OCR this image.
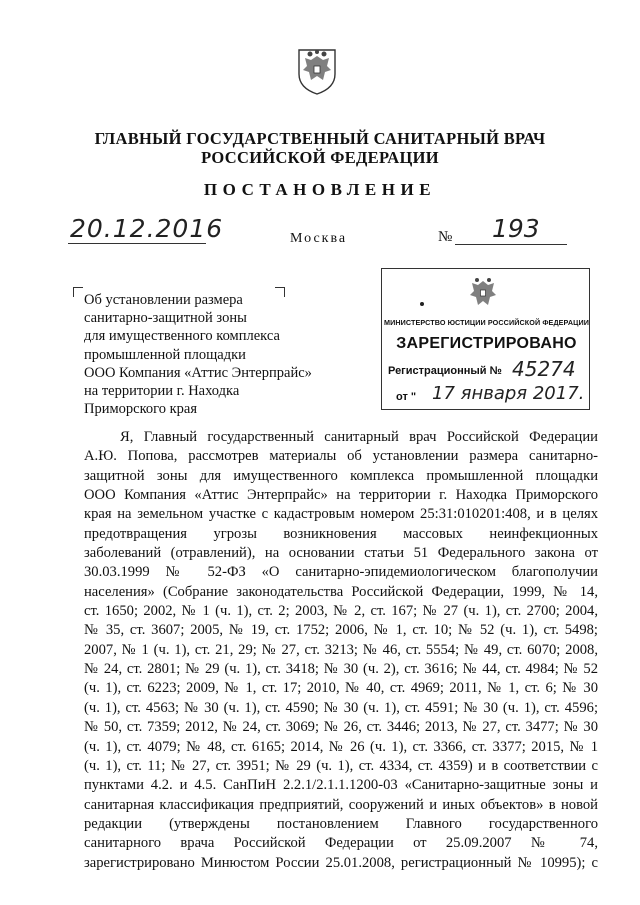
ГЛАВНЫЙ ГОСУДАРСТВЕННЫЙ САНИТАРНЫЙ ВРАЧ
РОССИЙСКОЙ ФЕДЕРАЦИИ
ПОСТАНОВЛЕНИЕ
20.12.2016	Москва	№ 193
Об установлении размера
санитарно-защитной зоны
для имущественного комплекса
промышленной площадки
ООО Компания «Аттис Энтерпрайс»
на территории г. Находка
Приморского края
МИНИСТЕРСТВО ЮСТИЦИИ РОССИЙСКОЙ ФЕДЕРАЦИИ
ЗАРЕГИСТРИРОВАНО
Регистрационный № 45274
от " 17 января 2017.
Я, Главный государственный санитарный врач Российской Федерации
А.Ю. Попова, рассмотрев материалы об установлении размера санитарно-
защитной зоны для имущественного комплекса промышленной площадки
ООО Компания «Аттис Энтерпрайс» на территории г. Находка Приморского
края на земельном участке с кадастровым номером 25:31:010201:408, и в целях
предотвращения угрозы возникновения массовых неинфекционных
заболеваний (отравлений), на основании статьи 51 Федерального закона от
30.03.1999 № 52-ФЗ «О санитарно-эпидемиологическом благополучии
населения» (Собрание законодательства Российской Федерации, 1999, № 14,
ст. 1650; 2002, № 1 (ч. 1), ст. 2; 2003, № 2, ст. 167; № 27 (ч. 1), ст. 2700; 2004,
№ 35, ст. 3607; 2005, № 19, ст. 1752; 2006, № 1, ст. 10; № 52 (ч. 1), ст. 5498;
2007, № 1 (ч. 1), ст. 21, 29; № 27, ст. 3213; № 46, ст. 5554; № 49, ст. 6070; 2008,
№ 24, ст. 2801; № 29 (ч. 1), ст. 3418; № 30 (ч. 2), ст. 3616; № 44, ст. 4984; № 52
(ч. 1), ст. 6223; 2009, № 1, ст. 17; 2010, № 40, ст. 4969; 2011, № 1, ст. 6; № 30
(ч. 1), ст. 4563; № 30 (ч. 1), ст. 4590; № 30 (ч. 1), ст. 4591; № 30 (ч. 1), ст. 4596;
№ 50, ст. 7359; 2012, № 24, ст. 3069; № 26, ст. 3446; 2013, № 27, ст. 3477; № 30
(ч. 1), ст. 4079; № 48, ст. 6165; 2014, № 26 (ч. 1), ст. 3366, ст. 3377; 2015, № 1
(ч. 1), ст. 11; № 27, ст. 3951; № 29 (ч. 1), ст. 4334, ст. 4359) и в соответствии с
пунктами 4.2. и 4.5. СанПиН 2.2.1/2.1.1.1200-03 «Санитарно-защитные зоны и
санитарная классификация предприятий, сооружений и иных объектов» в новой
редакции (утверждены постановлением Главного государственного
санитарного врача Российской Федерации от 25.09.2007 № 74,
зарегистрировано Минюстом России 25.01.2008, регистрационный № 10995); с
